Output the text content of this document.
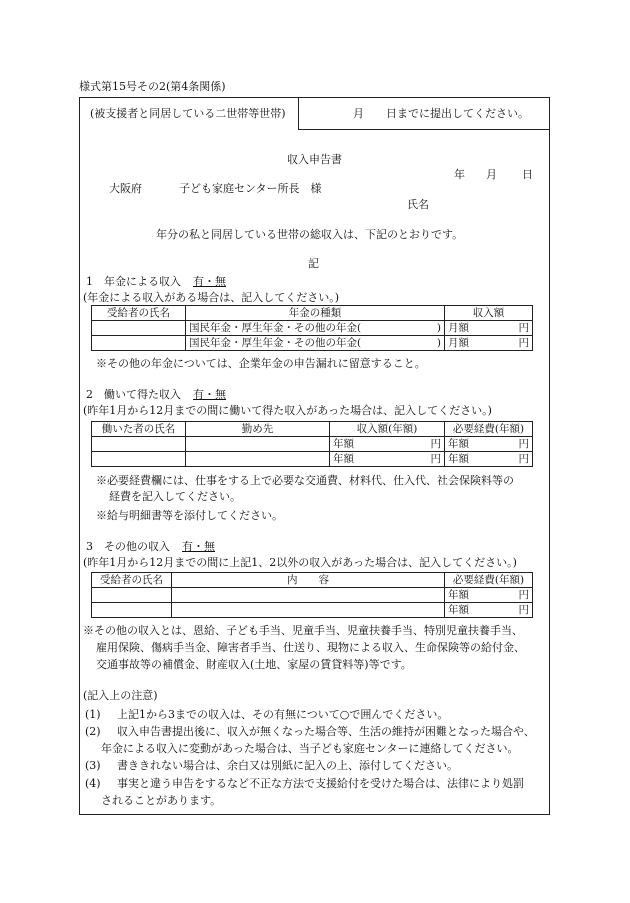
様式第15号その2(第4条関係)
(被支援者と同居している二世帯等世帯)	月 日までに提出してください。
収入申告書
年 月 日
大阪府	子ども家庭センター所長　様
氏名
年分の私と同居している世帯の総収入は、下記のとおりです。
記
1　年金による収入 有・無
(年金による収入がある場合は、記入してください。)
受給者の氏名	年金の種類	収入額

	国民年金・厚生年金・その他の年金( )	月額 円

	国民年金・厚生年金・その他の年金( )	月額 円
※その他の年金については、企業年金の申告漏れに留意すること。
2　働いて得た収入 有・無
(昨年1月から12月までの間に働いて得た収入があった場合は、記入してください。)
働いた者の氏名	勤め先	収入額(年額)	必要経費(年額)

		年額 円	年額 円

		年額 円	年額 円
※必要経費欄には、仕事をする上で必要な交通費、材料代、仕入代、社会保険料等の
経費を記入してください。
※給与明細書等を添付してください。
3　その他の収入 有・無
(昨年1月から12月までの間に上記1、2以外の収入があった場合は、記入してください。)
受給者の氏名	内　　容	必要経費(年額)

		年額 円

		年額 円
※その他の収入とは、恩給、子ども手当、児童手当、児童扶養手当、特別児童扶養手当、
雇用保険、傷病手当金、障害者手当、仕送り、現物による収入、生命保険等の給付金、
交通事故等の補償金、財産収入(土地、家屋の賃貸料等)等です。
(記入上の注意)
(1) 上記1から3までの収入は、その有無について○で囲んでください。
(2) 収入申告書提出後に、収入が無くなった場合等、生活の維持が困難となった場合や、
年金による収入に変動があった場合は、当子ども家庭センターに連絡してください。
(3) 書ききれない場合は、余白又は別紙に記入の上、添付してください。
(4) 事実と違う申告をするなど不正な方法で支援給付を受けた場合は、法律により処罰
されることがあります。
